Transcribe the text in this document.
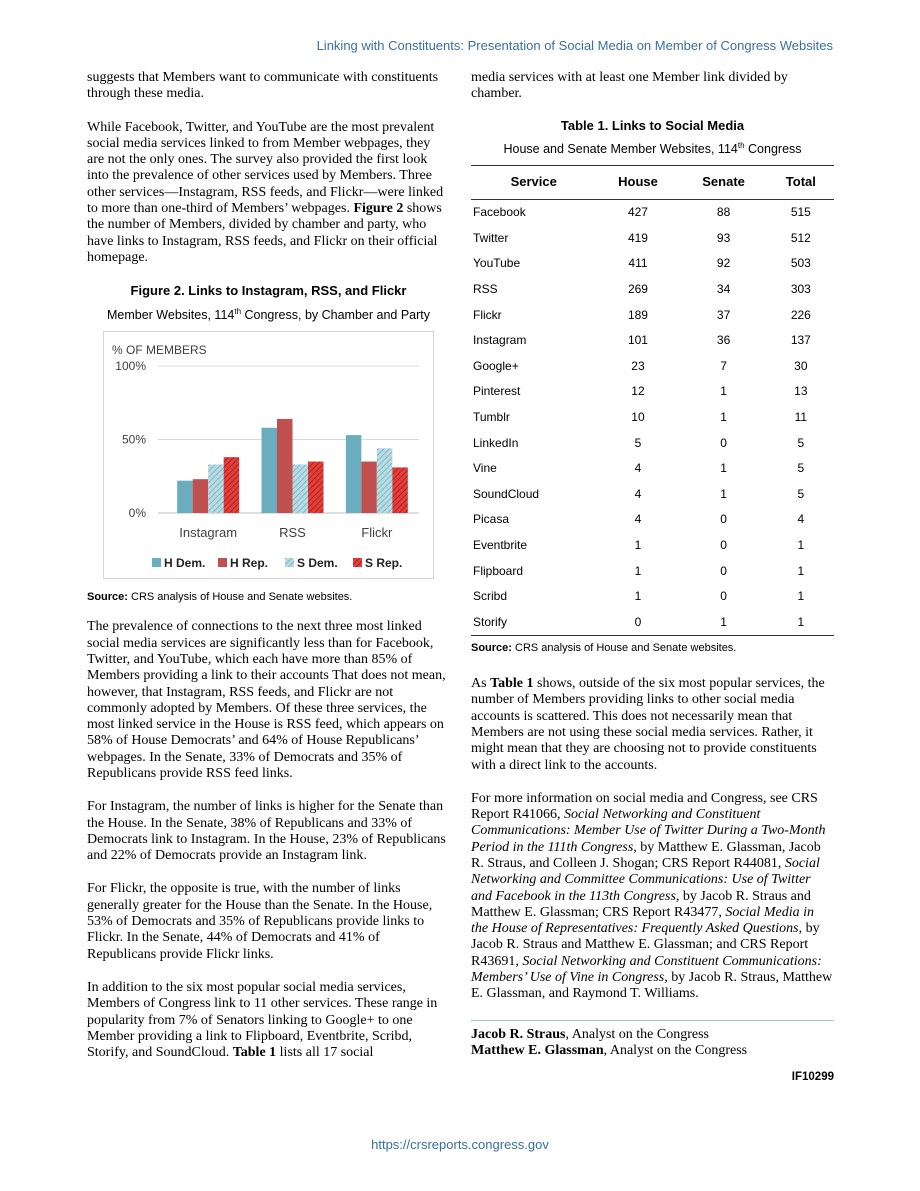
Linking with Constituents: Presentation of Social Media on Member of Congress Websites

suggests that Members want to communicate with constituents through these media.

While Facebook, Twitter, and YouTube are the most prevalent social media services linked to from Member webpages, they are not the only ones. The survey also provided the first look into the prevalence of other services used by Members. Three other services—Instagram, RSS feeds, and Flickr—were linked to more than one-third of Members’ webpages. Figure 2 shows the number of Members, divided by chamber and party, who have links to Instagram, RSS feeds, and Flickr on their official homepage.

Figure 2. Links to Instagram, RSS, and Flickr
Member Websites, 114th Congress, by Chamber and Party
% OF MEMBERS
0%
50%
100%
Instagram	RSS	Flickr
H Dem. H Rep. S Dem. S Rep.
Source: CRS analysis of House and Senate websites.

The prevalence of connections to the next three most linked social media services are significantly less than for Facebook, Twitter, and YouTube, which each have more than 85% of Members providing a link to their accounts That does not mean, however, that Instagram, RSS feeds, and Flickr are not commonly adopted by Members. Of these three services, the most linked service in the House is RSS feed, which appears on 58% of House Democrats’ and 64% of House Republicans’ webpages. In the Senate, 33% of Democrats and 35% of Republicans provide RSS feed links.

For Instagram, the number of links is higher for the Senate than the House. In the Senate, 38% of Republicans and 33% of Democrats link to Instagram. In the House, 23% of Republicans and 22% of Democrats provide an Instagram link.

For Flickr, the opposite is true, with the number of links generally greater for the House than the Senate. In the House, 53% of Democrats and 35% of Republicans provide links to Flickr. In the Senate, 44% of Democrats and 41% of Republicans provide Flickr links.

In addition to the six most popular social media services, Members of Congress link to 11 other services. These range in popularity from 7% of Senators linking to Google+ to one Member providing a link to Flipboard, Eventbrite, Scribd, Storify, and SoundCloud. Table 1 lists all 17 social

media services with at least one Member link divided by chamber.

Table 1. Links to Social Media
House and Senate Member Websites, 114th Congress
Service	House	Senate	Total
Facebook	427	88	515
Twitter	419	93	512
YouTube	411	92	503
RSS	269	34	303
Flickr	189	37	226
Instagram	101	36	137
Google+	23	7	30
Pinterest	12	1	13
Tumblr	10	1	11
LinkedIn	5	0	5
Vine	4	1	5
SoundCloud	4	1	5
Picasa	4	0	4
Eventbrite	1	0	1
Flipboard	1	0	1
Scribd	1	0	1
Storify	0	1	1
Source: CRS analysis of House and Senate websites.

As Table 1 shows, outside of the six most popular services, the number of Members providing links to other social media accounts is scattered. This does not necessarily mean that Members are not using these social media services. Rather, it might mean that they are choosing not to provide constituents with a direct link to the accounts.

For more information on social media and Congress, see CRS Report R41066, Social Networking and Constituent Communications: Member Use of Twitter During a Two-Month Period in the 111th Congress, by Matthew E. Glassman, Jacob R. Straus, and Colleen J. Shogan; CRS Report R44081, Social Networking and Committee Communications: Use of Twitter and Facebook in the 113th Congress, by Jacob R. Straus and Matthew E. Glassman; CRS Report R43477, Social Media in the House of Representatives: Frequently Asked Questions, by Jacob R. Straus and Matthew E. Glassman; and CRS Report R43691, Social Networking and Constituent Communications: Members’ Use of Vine in Congress, by Jacob R. Straus, Matthew E. Glassman, and Raymond T. Williams.

Jacob R. Straus, Analyst on the Congress
Matthew E. Glassman, Analyst on the Congress
IF10299
https://crsreports.congress.gov
